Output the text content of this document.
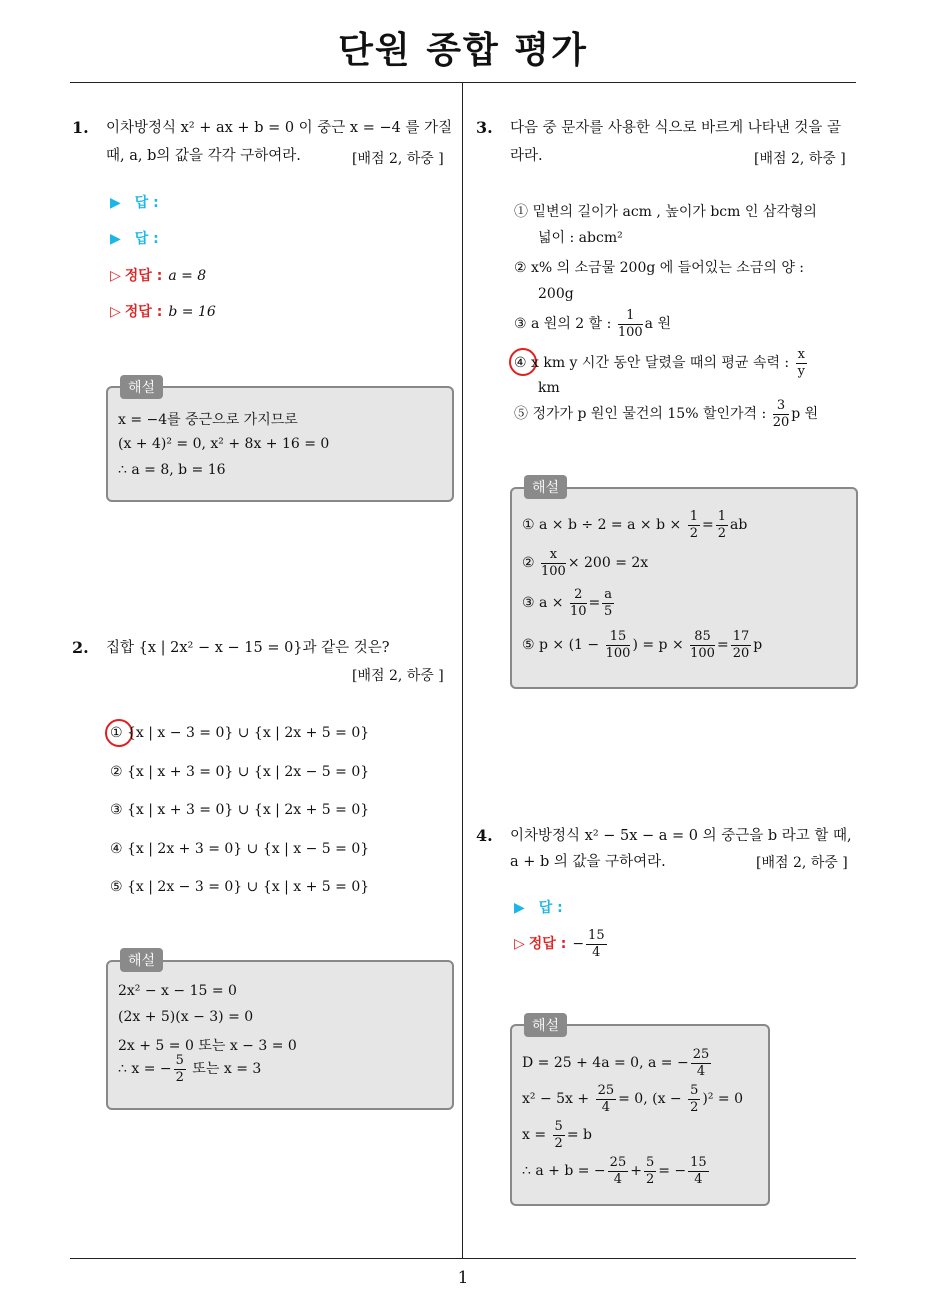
단원 종합 평가
1
1. 이차방정식 x² + ax + b = 0 이 중근 x = −4 를 가질
때, a, b의 값을 각각 구하여라.	[배점 2, 하중 ]
▶ 답 :
▶ 답 :
▷ 정답 : a = 8
▷ 정답 : b = 16
해설
x = −4를 중근으로 가지므로
(x + 4)² = 0, x² + 8x + 16 = 0
∴ a = 8, b = 16
2. 집합 {x | 2x² − x − 15 = 0}과 같은 것은?
[배점 2, 하중 ]
① {x | x − 3 = 0} ∪ {x | 2x + 5 = 0}
② {x | x + 3 = 0} ∪ {x | 2x − 5 = 0}
③ {x | x + 3 = 0} ∪ {x | 2x + 5 = 0}
④ {x | 2x + 3 = 0} ∪ {x | x − 5 = 0}
⑤ {x | 2x − 3 = 0} ∪ {x | x + 5 = 0}
해설
2x² − x − 15 = 0
(2x + 5)(x − 3) = 0
2x + 5 = 0 또는 x − 3 = 0
∴ x = − $\frac{5}{2}$ 또는 x = 3
3. 다음 중 문자를 사용한 식으로 바르게 나타낸 것을 골
라라.	[배점 2, 하중 ]
① 밑변의 길이가 acm , 높이가 bcm 인 삼각형의
넓이 : abcm²
② x% 의 소금물 200g 에 들어있는 소금의 양 :
200g
③ a 원의 2 할 : $\frac{1}{100}$ a 원
④ x km y 시간 동안 달렸을 때의 평균 속력 : $\frac{x}{y}$
km
⑤ 정가가 p 원인 물건의 15% 할인가격 : $\frac{3}{20}$ p 원
해설
① $a \times b \div 2 = a \times b \times \frac{1}{2} = \frac{1}{2}$ ab
② $\frac{x}{100} \times 200 = 2x$
③ $a \times \frac{2}{10} = \frac{a}{5}$
⑤ $p \times (1 - \frac{15}{100}$ ) = $p \times \frac{85}{100} = \frac{17}{20}$ p
4. 이차방정식 x² − 5x − a = 0 의 중근을 b 라고 할 때,
a + b 의 값을 구하여라.	[배점 2, 하중 ]
▶ 답 :
▷ 정답 : − $\frac{15}{4}$
해설
D = 25 + 4a = 0, a = − $\frac{25}{4}$
$x^2 - 5x + \frac{25}{4} = 0$, $(x - \frac{5}{2} )^2 = 0$
$x = \frac{5}{2} = b$
∴ a + b = − $\frac{25}{4} + \frac{5}{2}$ = − $\frac{15}{4}$
